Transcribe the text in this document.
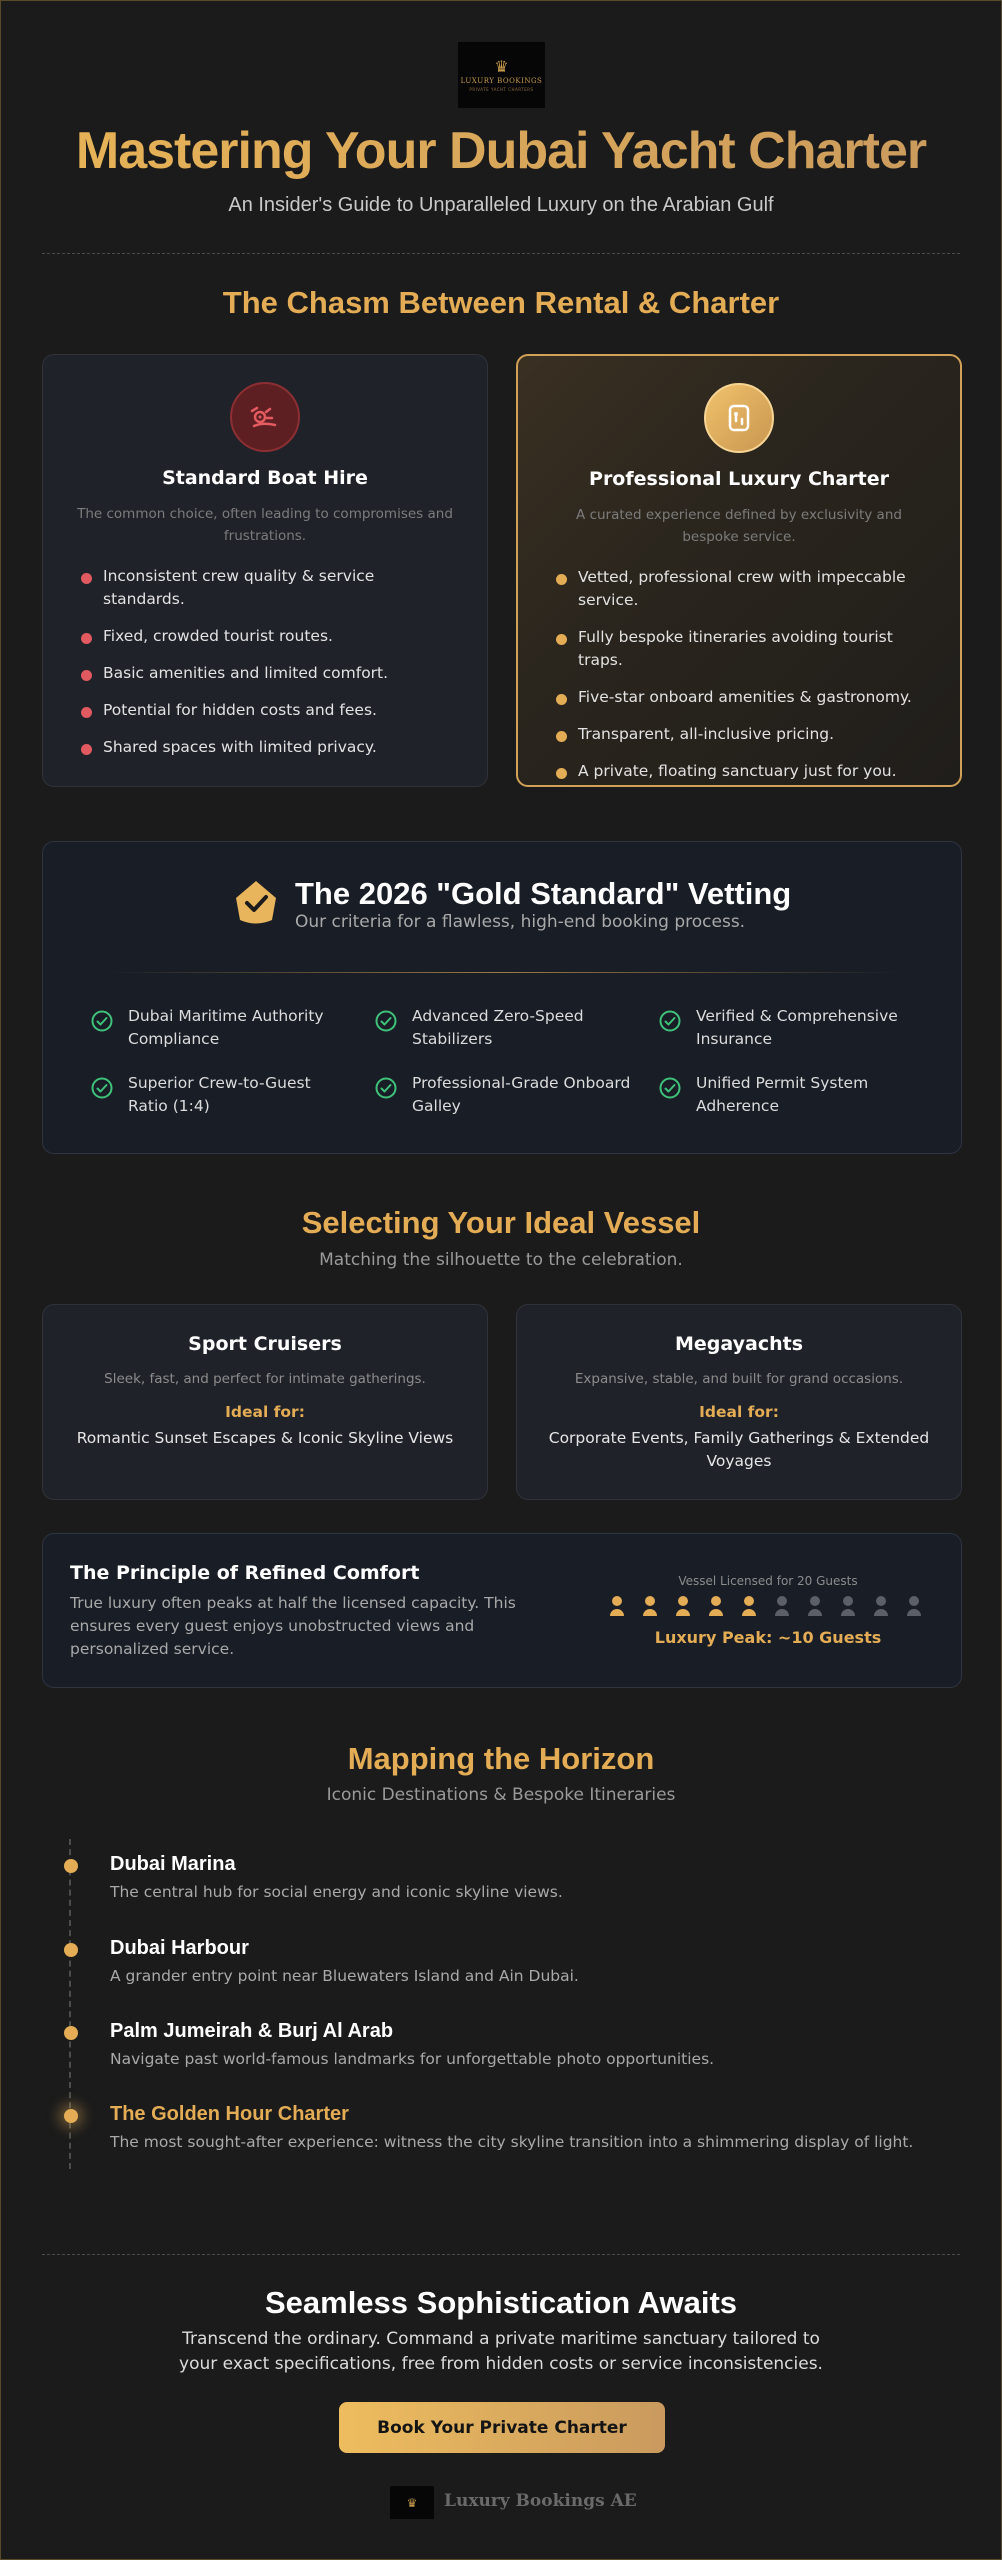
♛
LUXURY BOOKINGS
PRIVATE YACHT CHARTERS
Mastering Your Dubai Yacht Charter
An Insider's Guide to Unparalleled Luxury on the Arabian Gulf
The Chasm Between Rental & Charter
Standard Boat Hire
The common choice, often leading to compromises and frustrations.
Inconsistent crew quality & service standards.
Fixed, crowded tourist routes.
Basic amenities and limited comfort.
Potential for hidden costs and fees.
Shared spaces with limited privacy.
Professional Luxury Charter
A curated experience defined by exclusivity and bespoke service.
Vetted, professional crew with impeccable service.
Fully bespoke itineraries avoiding tourist traps.
Five-star onboard amenities & gastronomy.
Transparent, all-inclusive pricing.
A private, floating sanctuary just for you.
The 2026 "Gold Standard" Vetting
Our criteria for a flawless, high-end booking process.
Dubai Maritime Authority Compliance
Advanced Zero-Speed Stabilizers
Verified & Comprehensive Insurance
Superior Crew-to-Guest Ratio (1:4)
Professional-Grade Onboard Galley
Unified Permit System Adherence
Selecting Your Ideal Vessel
Matching the silhouette to the celebration.
Sport Cruisers
Sleek, fast, and perfect for intimate gatherings.
Ideal for:
Romantic Sunset Escapes & Iconic Skyline Views
Megayachts
Expansive, stable, and built for grand occasions.
Ideal for:
Corporate Events, Family Gatherings & Extended Voyages
The Principle of Refined Comfort
True luxury often peaks at half the licensed capacity. This ensures every guest enjoys unobstructed views and personalized service.
Vessel Licensed for 20 Guests
Luxury Peak: ~10 Guests
Mapping the Horizon
Iconic Destinations & Bespoke Itineraries
Dubai Marina
The central hub for social energy and iconic skyline views.
Dubai Harbour
A grander entry point near Bluewaters Island and Ain Dubai.
Palm Jumeirah & Burj Al Arab
Navigate past world-famous landmarks for unforgettable photo opportunities.
The Golden Hour Charter
The most sought-after experience: witness the city skyline transition into a shimmering display of light.
Seamless Sophistication Awaits
Transcend the ordinary. Command a private maritime sanctuary tailored to your exact specifications, free from hidden costs or service inconsistencies.
Book Your Private Charter
♛ Luxury Bookings AE
